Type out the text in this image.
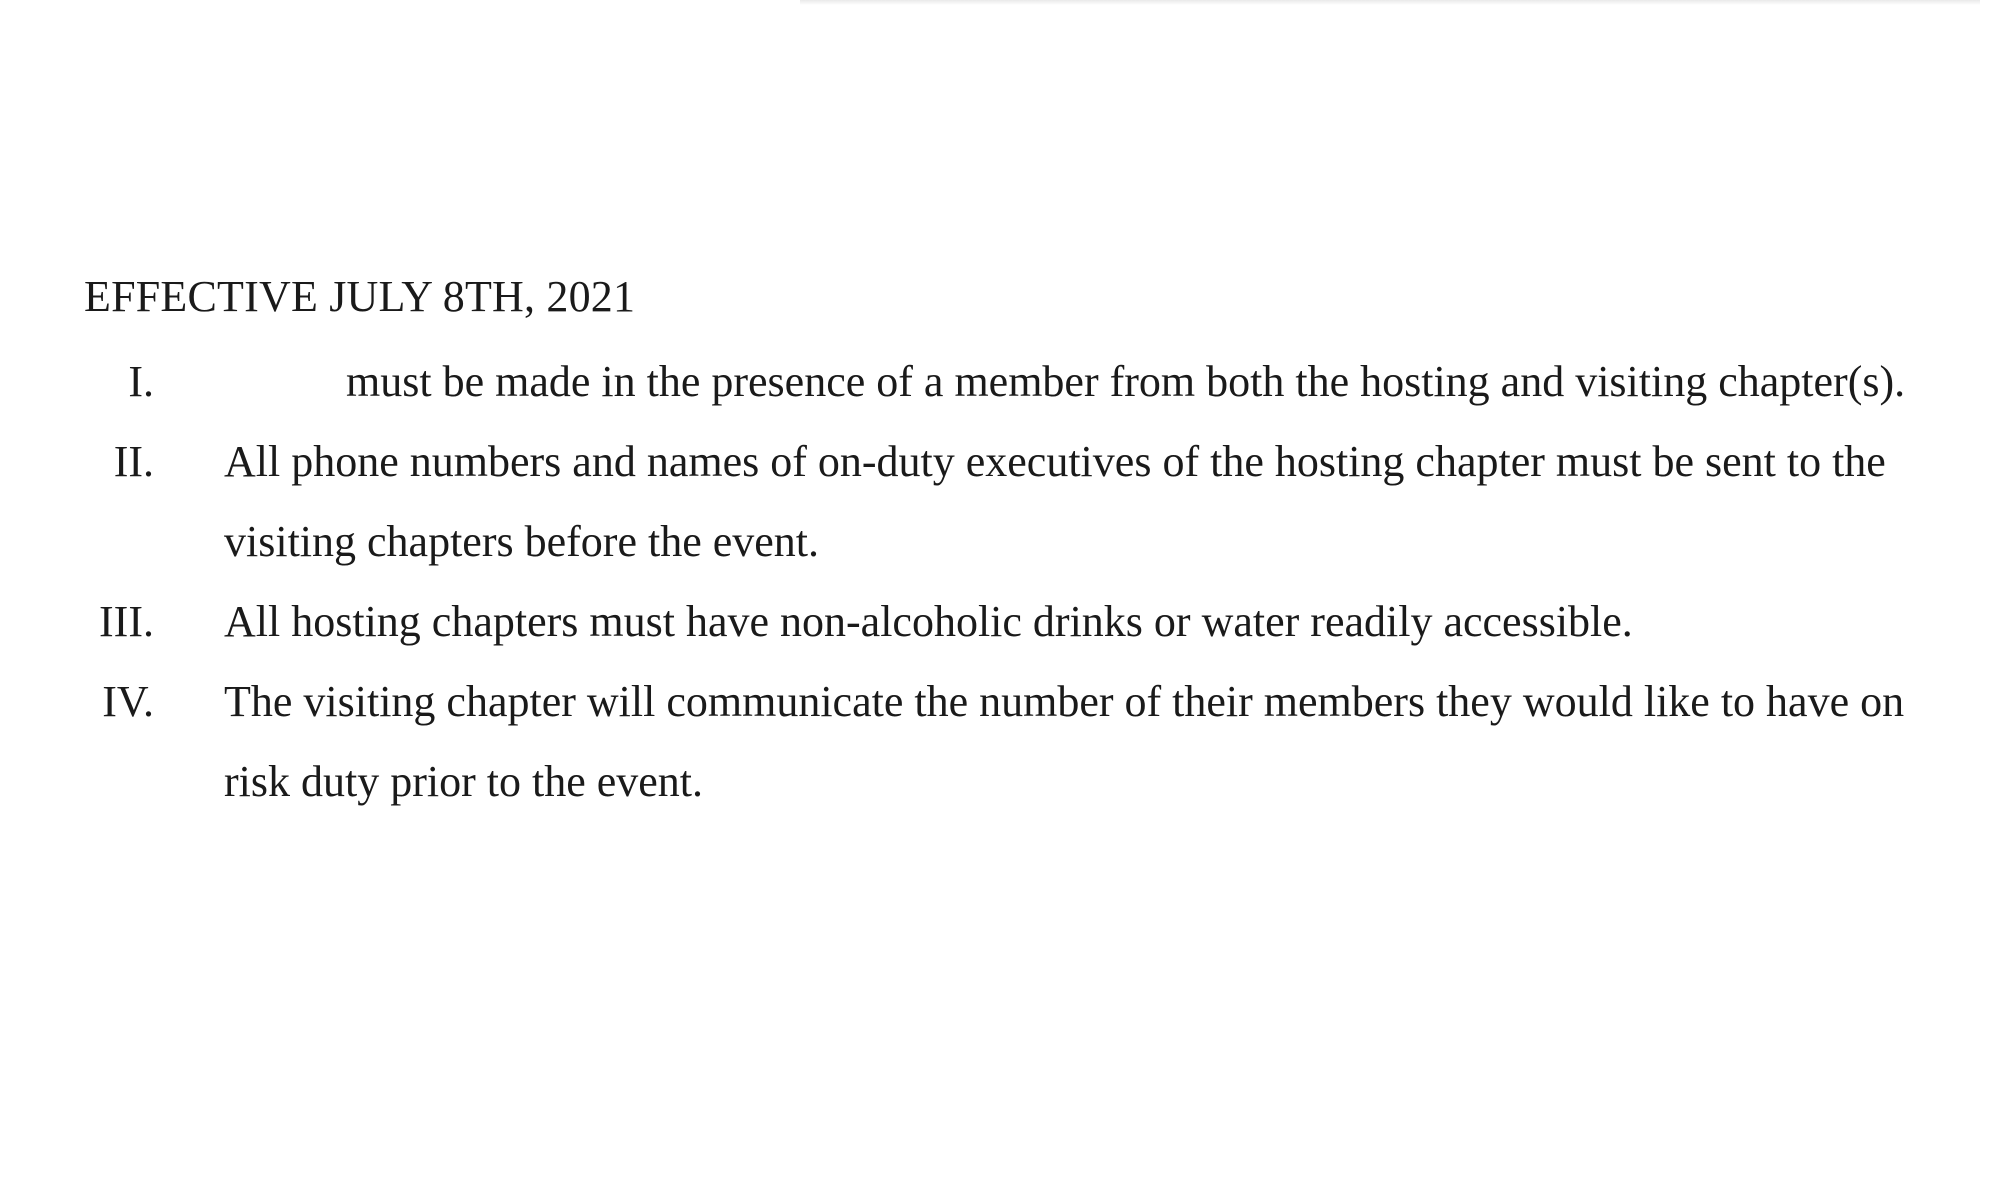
EFFECTIVE JULY 8TH, 2021
I.	must be made in the presence of a member from both the hosting and visiting chapter(s).
II. All phone numbers and names of on-duty executives of the hosting chapter must be sent to the visiting chapters before the event.
III. All hosting chapters must have non-alcoholic drinks or water readily accessible.
IV. The visiting chapter will communicate the number of their members they would like to have on risk duty prior to the event.
